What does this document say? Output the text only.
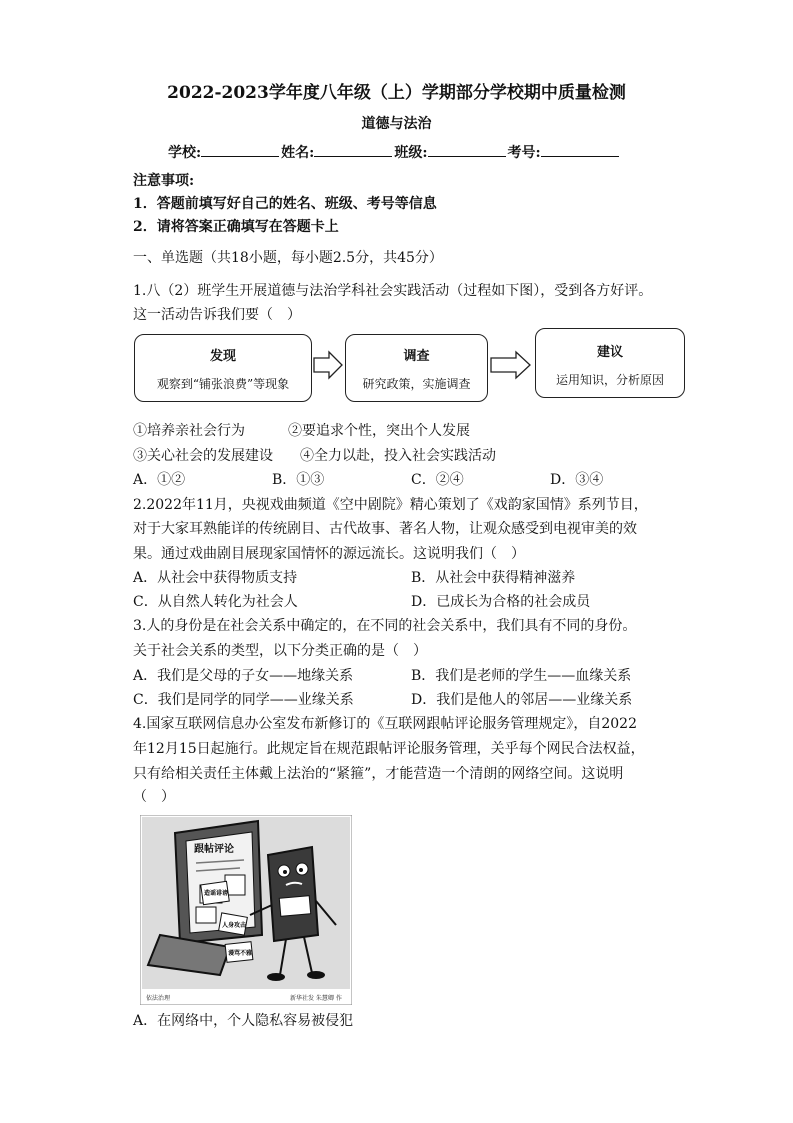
2022-2023学年度八年级（上）学期部分学校期中质量检测
道德与法治
学校:	姓名:	班级:	考号:
注意事项:
1．答题前填写好自己的姓名、班级、考号等信息
2．请将答案正确填写在答题卡上
一、单选题（共18小题，每小题2.5分，共45分）
1.八（2）班学生开展道德与法治学科社会实践活动（过程如下图），受到各方好评。
这一活动告诉我们要（　）
发现
观察到“铺张浪费”等现象
调查
研究政策，实施调查
建议
运用知识，分析原因
①培养亲社会行为	②要追求个性，突出个人发展
③关心社会的发展建设 ④全力以赴，投入社会实践活动
A．①②	B．①③	C．②④	D．③④
2.2022年11月，央视戏曲频道《空中剧院》精心策划了《戏韵家国情》系列节目，
对于大家耳熟能详的传统剧目、古代故事、著名人物，让观众感受到电视审美的效
果。通过戏曲剧目展现家国情怀的源远流长。这说明我们（　）
A．从社会中获得物质支持	B．从社会中获得精神滋养
C．从自然人转化为社会人	D．已成长为合格的社会成员
3.人的身份是在社会关系中确定的，在不同的社会关系中，我们具有不同的身份。
关于社会关系的类型，以下分类正确的是（　）
A．我们是父母的子女——地缘关系	B．我们是老师的学生——血缘关系
C．我们是同学的同学——业缘关系	D．我们是他人的邻居——业缘关系
4.国家互联网信息办公室发布新修订的《互联网跟帖评论服务管理规定》，自2022
年12月15日起施行。此规定旨在规范跟帖评论服务管理，关乎每个网民合法权益，
只有给相关责任主体戴上法治的“紧箍”，才能营造一个清朗的网络空间。这说明
（　）
跟帖评论
造谣诽谤
人身攻击
谩骂不雅
依法治理	新华社发 朱慧卿 作
A．在网络中，个人隐私容易被侵犯
